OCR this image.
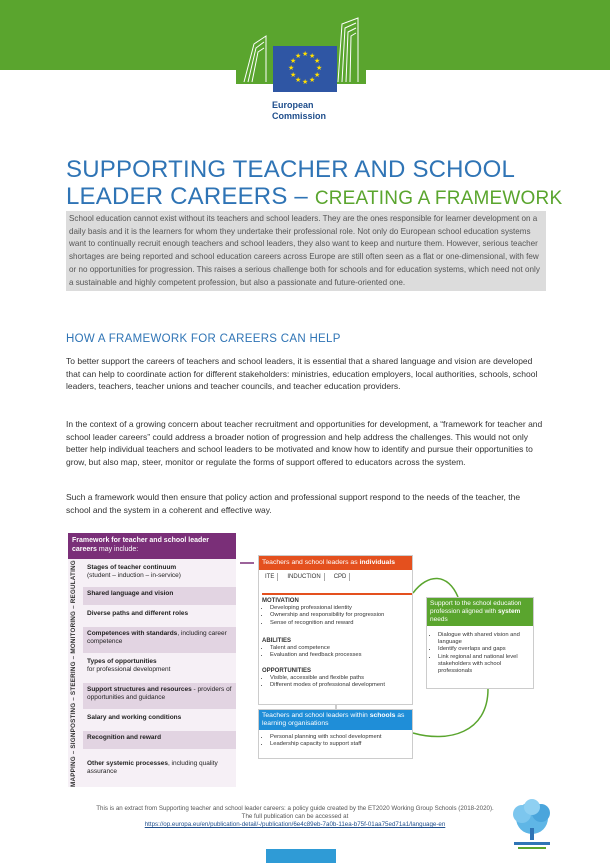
★ ★
★
★
★
★
★
★
★
★
★
★
European
Commission
SUPPORTING TEACHER AND SCHOOL
LEADER CAREERS – CREATING A FRAMEWORK
School education cannot exist without its teachers and school leaders. They are the ones responsible for learner development on a daily basis and it is the learners for whom they undertake their professional role. Not only do European school education systems want to continually recruit enough teachers and school leaders, they also want to keep and nurture them. However, serious teacher shortages are being reported and school education careers across Europe are still often seen as a flat or one-dimensional, with few or no opportunities for progression. This raises a serious challenge both for schools and for education systems, which need not only a sustainable and highly competent profession, but also a passionate and future-oriented one.
HOW A FRAMEWORK FOR CAREERS CAN HELP
To better support the careers of teachers and school leaders, it is essential that a shared language and vision are developed that can help to coordinate action for different stakeholders: ministries, education employers, local authorities, schools, school leaders, teachers, teacher unions and teacher councils, and teacher education providers.
In the context of a growing concern about teacher recruitment and opportunities for development, a “framework for teacher and school leader careers” could address a broader notion of progression and help address the challenges. This would not only better help individual teachers and school leaders to be motivated and know how to identify and pursue their opportunities to grow, but also map, steer, monitor or regulate the forms of support offered to educators across the system.
Such a framework would then ensure that policy action and professional support respond to the needs of the teacher, the school and the system in a coherent and effective way.
Framework for teacher and school leader careers may include:
MAPPING – SIGNPOSTING – STEERING – MONITORING – REGULATING	Stages of teacher continuum
(student – induction – in-service)
Shared language and vision
Diverse paths and different roles
Competences with standards, including career competence
Types of opportunities
for professional development
Support structures and resources - providers of opportunities and guidance
Salary and working conditions
Recognition and reward
Other systemic processes, including quality assurance
Teachers and school leaders as individuals
ITE	INDUCTION	CPD
MOTIVATION
• Developing professional identity
• Ownership and responsibility for progression
• Sense of recognition and reward
ABILITIES
• Talent and competence
• Evaluation and feedback processes
OPPORTUNITIES
• Visible, accessible and flexible paths
• Different modes of professional development
Teachers and school leaders within schools as learning organisations
• Personal planning with school development
• Leadership capacity to support staff
Support to the school education profession aligned with system needs
• Dialogue with shared vision and language
• Identify overlaps and gaps
• Link regional and national level stakeholders with school professionals
This is an extract from Supporting teacher and school leader careers: a policy guide created by the ET2020 Working Group Schools (2018-2020).
The full publication can be accessed at
https://op.europa.eu/en/publication-detail/-/publication/6e4c89eb-7a0b-11ea-b75f-01aa75ed71a1/language-en
